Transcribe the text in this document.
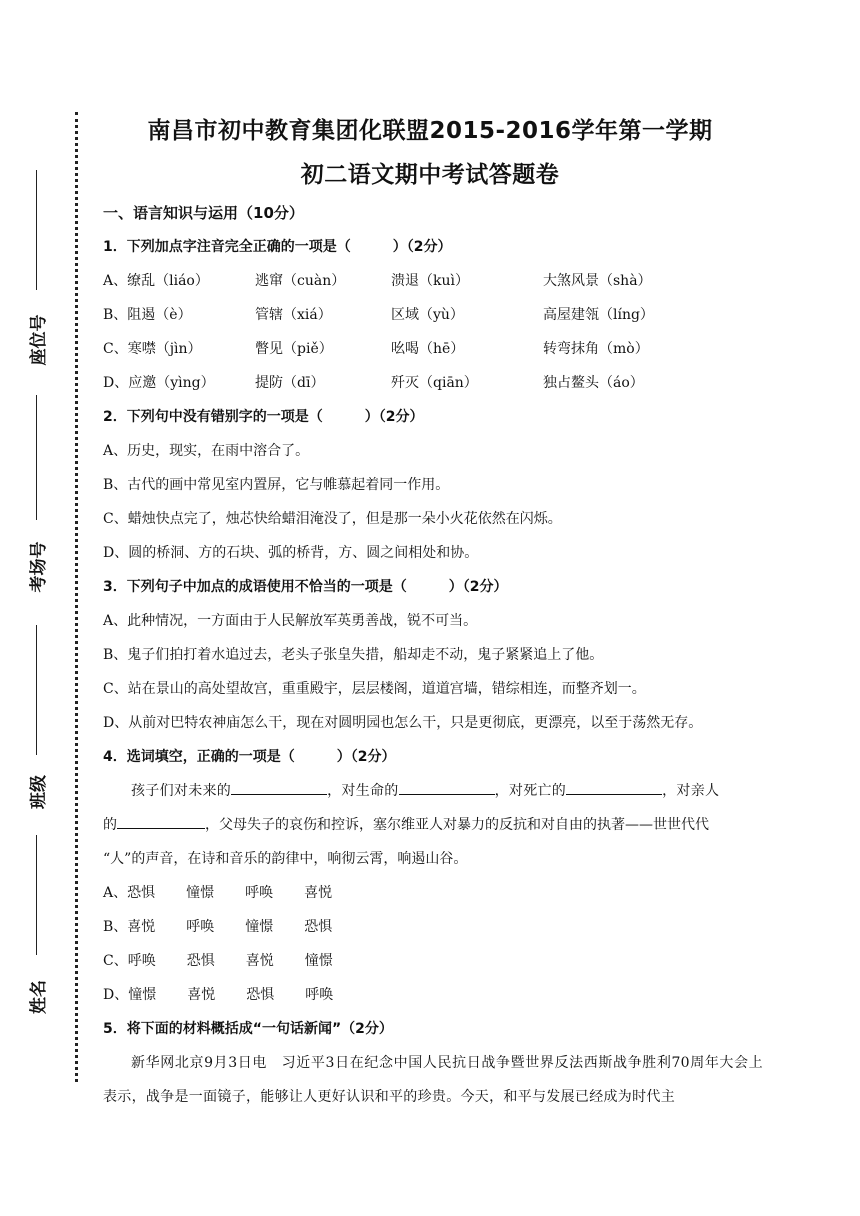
座位号
考场号
班级
姓名
南昌市初中教育集团化联盟2015-2016学年第一学期
初二语文期中考试答题卷
一、语言知识与运用（10分）
1．下列加点字注音完全正确的一项是（　　　）（2分）
A、缭乱（liáo）	逃窜（cuàn）	溃退（kuì）	大煞风景（shà）
B、阻遏（è）	管辖（xiá）	区域（yù）	高屋建瓴（líng）
C、寒噤（jìn）	瞥见（piě）	吆喝（hē）	转弯抹角（mò）
D、应邀（yìng）	提防（dī）	歼灭（qiān）	独占鳌头（áo）
2．下列句中没有错别字的一项是（　　　）（2分）
A、历史，现实，在雨中溶合了。
B、古代的画中常见室内置屏，它与帷慕起着同一作用。
C、蜡烛快点完了，烛芯快给蜡泪淹没了，但是那一朵小火花依然在闪烁。
D、圆的桥洞、方的石块、弧的桥背，方、圆之间相处和协。
3．下列句子中加点的成语使用不恰当的一项是（　　　）（2分）
A、此种情况，一方面由于人民解放军英勇善战，锐不可当。
B、鬼子们拍打着水追过去，老头子张皇失措，船却走不动，鬼子紧紧追上了他。
C、站在景山的高处望故宫，重重殿宇，层层楼阁，道道宫墙，错综相连，而整齐划一。
D、从前对巴特农神庙怎么干，现在对圆明园也怎么干，只是更彻底，更漂亮，以至于荡然无存。
4．选词填空，正确的一项是（　　　）（2分）
孩子们对未来的	，对生命的	，对死亡的	，对亲人
的	，父母失子的哀伤和控诉，塞尔维亚人对暴力的反抗和对自由的执著——世世代代
“人”的声音，在诗和音乐的韵律中，响彻云霄，响遏山谷。
A、恐惧 憧憬 呼唤 喜悦
B、喜悦 呼唤 憧憬 恐惧
C、呼唤 恐惧 喜悦 憧憬
D、憧憬 喜悦 恐惧 呼唤
5．将下面的材料概括成“一句话新闻”（2分）
新华网北京9月3日电　习近平3日在纪念中国人民抗日战争暨世界反法西斯战争胜利70周年大会上表示，战争是一面镜子，能够让人更好认识和平的珍贵。今天，和平与发展已经成为时代主
